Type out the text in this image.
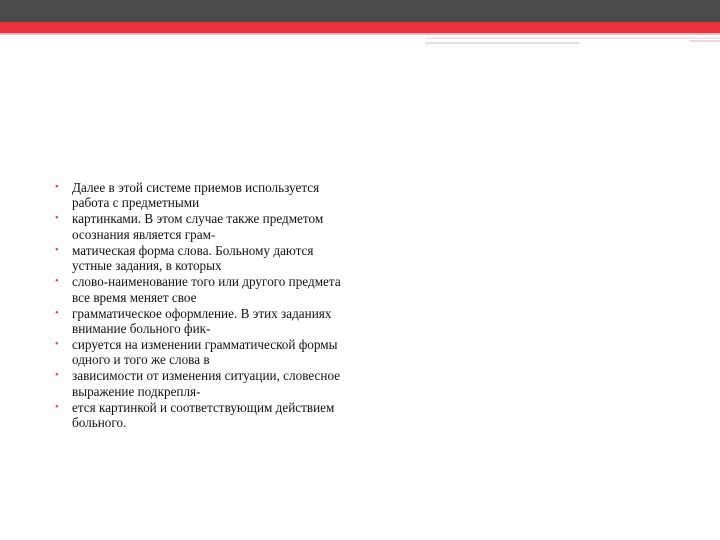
• Далее в этой системе приемов используется работа с предметными
• картинками. В этом случае также предметом осознания является грам-
• матическая форма слова. Больному даются устные задания, в которых
• слово-наименование того или другого предмета все время меняет свое
• грамматическое оформление. В этих заданиях внимание больного фик-
• сируется на изменении грамматической формы одного и того же слова в
• зависимости от изменения ситуации, словесное выражение подкрепля-
• ется картинкой и соответствующим действием больного.
